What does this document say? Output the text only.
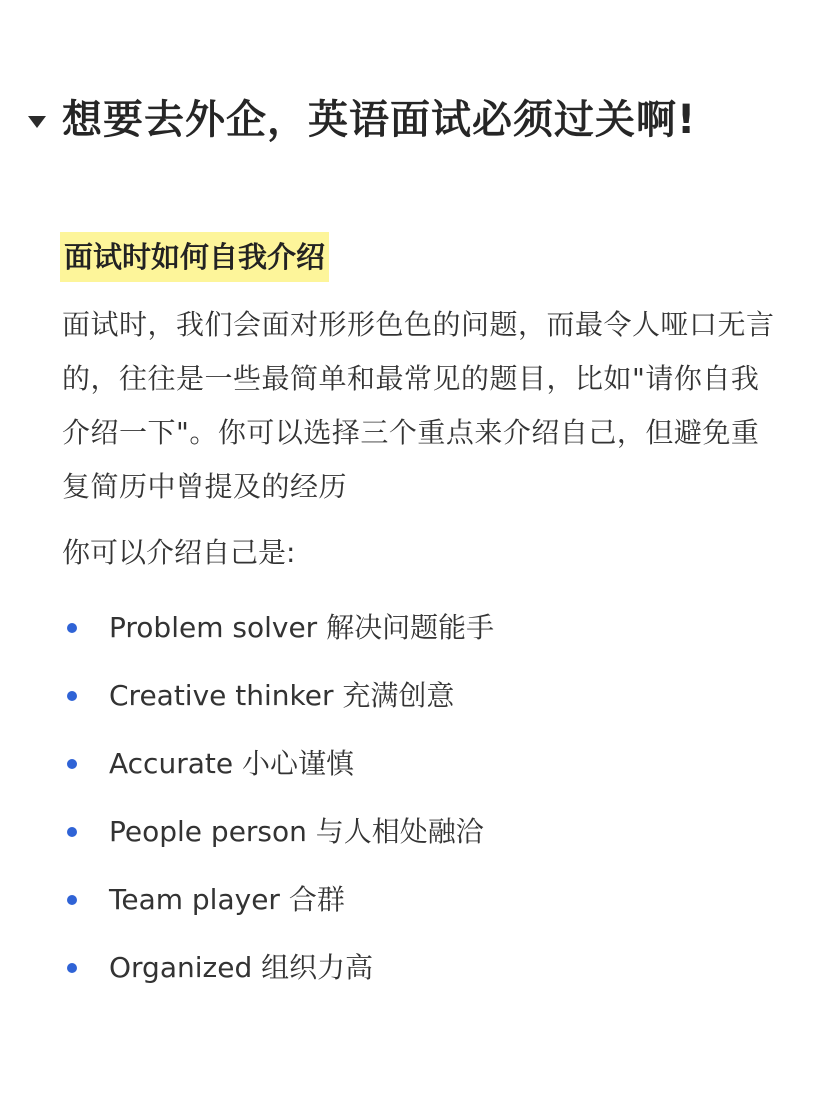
想要去外企，英语面试必须过关啊!
面试时如何自我介绍
面试时，我们会面对形形色色的问题，而最令人哑口无言的，往往是一些最简单和最常见的题目，比如"请你自我介绍一下"。你可以选择三个重点来介绍自己，但避免重复简历中曾提及的经历
你可以介绍自己是:
Problem solver 解决问题能手
Creative thinker 充满创意
Accurate 小心谨慎
People person 与人相处融洽
Team player 合群
Organized 组织力高
